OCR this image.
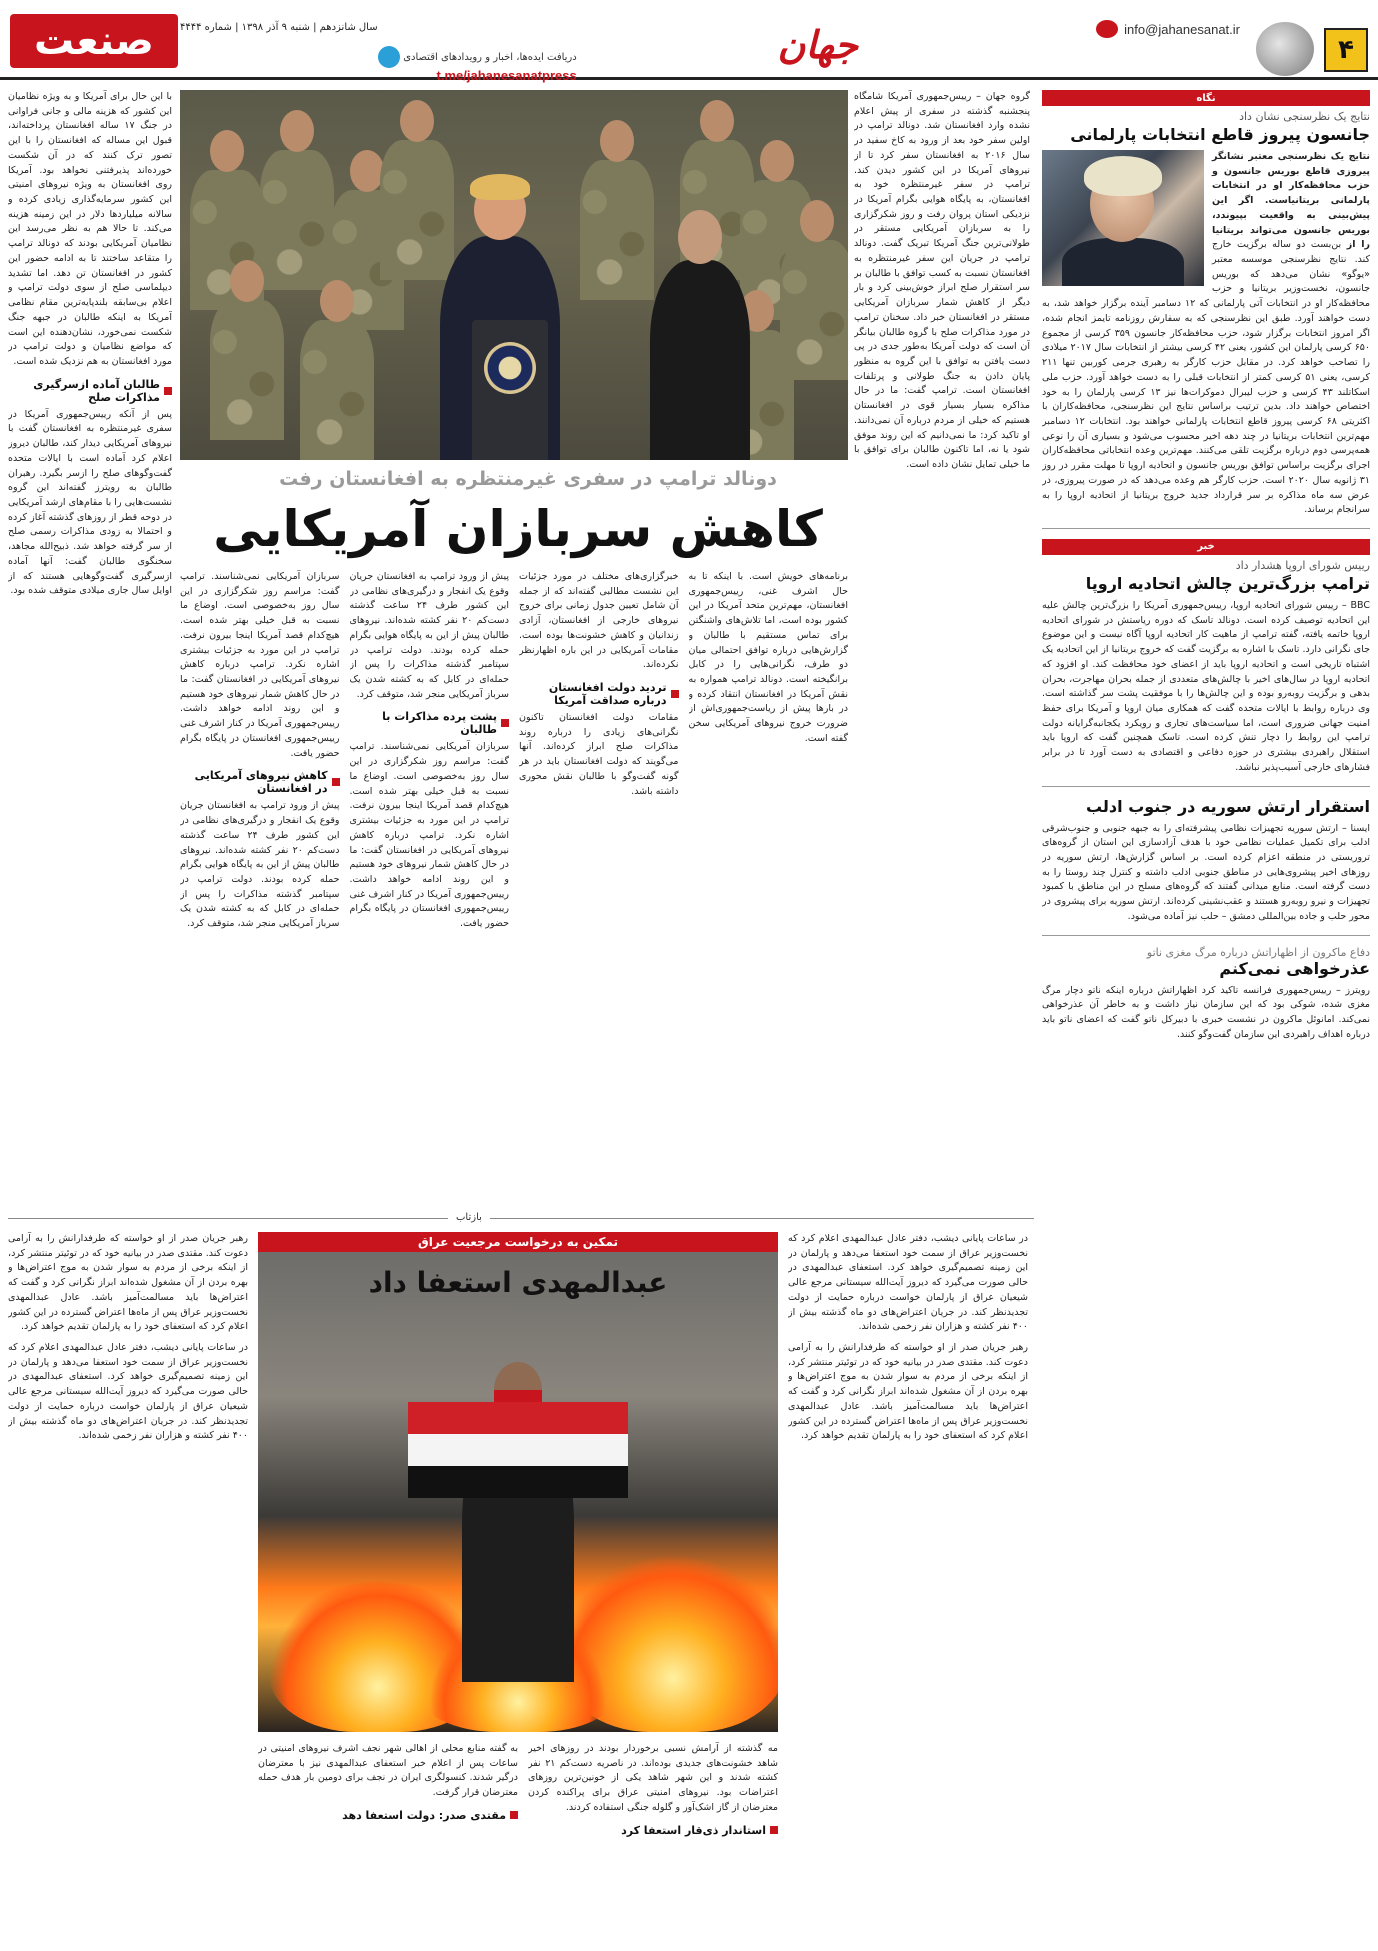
۴
info@jahanesanat.ir
جهان
دریافت ایده‌ها، اخبار و رویدادهای اقتصادی
t.me/jahanesanatpress
سال شانزدهم | شنبه ۹ آذر ۱۳۹۸ | شماره ۴۴۴۴
صنعت
نگاه
نتایج یک نظرسنجی نشان داد
جانسون پیروز قاطع انتخابات پارلمانی
نتایج یک نظرسنجی معتبر نشانگر پیروزی قاطع بوریس جانسون و حزب محافظه‌کار او در انتخابات پارلمانی بریتانیاست. اگر این پیش‌بینی به واقعیت بپیوندد، بوریس جانسون می‌تواند بریتانیا را از بن‌بست دو ساله برگزیت خارج کند. نتایج نظرسنجی موسسه معتبر «یوگو» نشان می‌دهد که بوریس جانسون، نخست‌وزیر بریتانیا و حزب محافظه‌کار او در انتخابات آتی پارلمانی که ۱۲ دسامبر آینده برگزار خواهد شد، به دست خواهند آورد. طبق این نظرسنجی که به سفارش روزنامه تایمز انجام شده، اگر امروز انتخابات برگزار شود، حزب محافظه‌کار جانسون ۳۵۹ کرسی از مجموع ۶۵۰ کرسی پارلمان این کشور، یعنی ۴۲ کرسی بیشتر از انتخابات سال ۲۰۱۷ میلادی را تصاحب خواهد کرد. در مقابل حزب کارگر به رهبری جرمی کوربین تنها ۲۱۱ کرسی، یعنی ۵۱ کرسی کمتر از انتخابات قبلی را به دست خواهد آورد. حزب ملی اسکاتلند ۴۳ کرسی و حزب لیبرال دموکرات‌ها نیز ۱۳ کرسی پارلمان را به خود اختصاص خواهند داد. بدین ترتیب براساس نتایج این نظرسنجی، محافظه‌کاران با اکثریتی ۶۸ کرسی پیروز قاطع انتخابات پارلمانی خواهند بود. انتخابات ۱۲ دسامبر مهم‌ترین انتخابات بریتانیا در چند دهه اخیر محسوب می‌شود و بسیاری آن را نوعی همه‌پرسی دوم درباره برگزیت تلقی می‌کنند. مهم‌ترین وعده انتخاباتی محافظه‌کاران اجرای برگزیت براساس توافق بوریس جانسون و اتحادیه اروپا تا مهلت مقرر در روز ۳۱ ژانویه سال ۲۰۲۰ است. حزب کارگر هم وعده می‌دهد که در صورت پیروزی، در عرض سه ماه مذاکره بر سر قرارداد جدید خروج بریتانیا از اتحادیه اروپا را به سرانجام برساند.
خبر
رییس شورای اروپا هشدار داد
ترامپ بزرگ‌ترین چالش اتحادیه اروپا
BBC – رییس شورای اتحادیه اروپا، رییس‌جمهوری آمریکا را بزرگ‌ترین چالش علیه این اتحادیه توصیف کرده است. دونالد تاسک که دوره ریاستش در شورای اتحادیه اروپا خاتمه یافته، گفته ترامپ از ماهیت کار اتحادیه اروپا آگاه نیست و این موضوع جای نگرانی دارد. تاسک با اشاره به برگزیت گفت که خروج بریتانیا از این اتحادیه یک اشتباه تاریخی است و اتحادیه اروپا باید از اعضای خود محافظت کند. او افزود که اتحادیه اروپا در سال‌های اخیر با چالش‌های متعددی از جمله بحران مهاجرت، بحران بدهی و برگزیت روبه‌رو بوده و این چالش‌ها را با موفقیت پشت سر گذاشته است. وی درباره روابط با ایالات متحده گفت که همکاری میان اروپا و آمریکا برای حفظ امنیت جهانی ضروری است، اما سیاست‌های تجاری و رویکرد یکجانبه‌گرایانه دولت ترامپ این روابط را دچار تنش کرده است. تاسک همچنین گفت که اروپا باید استقلال راهبردی بیشتری در حوزه دفاعی و اقتصادی به دست آورد تا در برابر فشارهای خارجی آسیب‌پذیر نباشد.
استقرار ارتش سوریه در جنوب ادلب
ایسنا – ارتش سوریه تجهیزات نظامی پیشرفته‌ای را به جبهه جنوبی و جنوب‌شرقی ادلب برای تکمیل عملیات نظامی خود با هدف آزادسازی این استان از گروه‌های تروریستی در منطقه اعزام کرده است. بر اساس گزارش‌ها، ارتش سوریه در روزهای اخیر پیشروی‌هایی در مناطق جنوبی ادلب داشته و کنترل چند روستا را به دست گرفته است. منابع میدانی گفتند که گروه‌های مسلح در این مناطق با کمبود تجهیزات و نیرو روبه‌رو هستند و عقب‌نشینی کرده‌اند. ارتش سوریه برای پیشروی در محور حلب و جاده بین‌المللی دمشق – حلب نیز آماده می‌شود.
دفاع ماکرون از اظهاراتش درباره مرگ مغزی ناتو
عذرخواهی نمی‌کنم
رویترز – رییس‌جمهوری فرانسه تاکید کرد اظهاراتش درباره اینکه ناتو دچار مرگ مغزی شده، شوکی بود که این سازمان نیاز داشت و به خاطر آن عذرخواهی نمی‌کند. امانوئل ماکرون در نشست خبری با دبیرکل ناتو گفت که اعضای ناتو باید درباره اهداف راهبردی این سازمان گفت‌وگو کنند.
گروه جهان – رییس‌جمهوری آمریکا شامگاه پنجشنبه گذشته در سفری از پیش اعلام نشده وارد افغانستان شد. دونالد ترامپ در اولین سفر خود بعد از ورود به کاخ سفید در سال ۲۰۱۶ به افغانستان سفر کرد تا از نیروهای آمریکا در این کشور دیدن کند. ترامپ در سفر غیرمنتظره خود به افغانستان، به پایگاه هوایی بگرام آمریکا در نزدیکی استان پروان رفت و روز شکرگزاری را به سربازان آمریکایی مستقر در طولانی‌ترین جنگ آمریکا تبریک گفت. دونالد ترامپ در جریان این سفر غیرمنتظره به افغانستان نسبت به کسب توافق با طالبان بر سر استقرار صلح ابراز خوش‌بینی کرد و بار دیگر از کاهش شمار سربازان آمریکایی مستقر در افغانستان خبر داد. سخنان ترامپ در مورد مذاکرات صلح با گروه طالبان بیانگر آن است که دولت آمریکا به‌طور جدی در پی دست یافتن به توافق با این گروه به منظور پایان دادن به جنگ طولانی و پرتلفات افغانستان است. ترامپ گفت: ما در حال مذاکره بسیار بسیار قوی در افغانستان هستیم که خیلی از مردم درباره آن نمی‌دانند. او تاکید کرد: ما نمی‌دانیم که این روند موفق شود یا نه، اما تاکنون طالبان برای توافق با ما خیلی تمایل نشان داده است.
دونالد ترامپ در سفری غیرمنتظره به افغانستان رفت
کاهش سربازان آمریکایی
با این حال برای آمریکا و به ویژه نظامیان این کشور که هزینه مالی و جانی فراوانی در جنگ ۱۷ ساله افغانستان پرداخته‌اند، قبول این مساله که افغانستان را با این تصور ترک کنند که در آن شکست خورده‌اند پذیرفتنی نخواهد بود. آمریکا روی افغانستان به ویژه نیروهای امنیتی این کشور سرمایه‌گذاری زیادی کرده و سالانه میلیاردها دلار در این زمینه هزینه می‌کند. تا حالا هم به نظر می‌رسد این نظامیان آمریکایی بودند که دونالد ترامپ را متقاعد ساختند تا به ادامه حضور این کشور در افغانستان تن دهد. اما تشدید دیپلماسی صلح از سوی دولت ترامپ و اعلام بی‌سابقه بلندپایه‌ترین مقام نظامی آمریکا به اینکه طالبان در جبهه جنگ شکست نمی‌خورد، نشان‌دهنده این است که مواضع نظامیان و دولت ترامپ در مورد افغانستان به هم نزدیک شده است.
طالبان آماده ازسرگیری مذاکرات صلح
پس از آنکه رییس‌جمهوری آمریکا در سفری غیرمنتظره به افغانستان گفت با نیروهای آمریکایی دیدار کند، طالبان دیروز اعلام کرد آماده است با ایالات متحده گفت‌وگوهای صلح را ازسر بگیرد. رهبران طالبان به رویترز گفته‌اند این گروه نشست‌هایی را با مقام‌های ارشد آمریکایی در دوحه قطر از روزهای گذشته آغاز کرده و احتمالا به زودی مذاکرات رسمی صلح از سر گرفته خواهد شد. ذبیح‌الله مجاهد، سخنگوی طالبان گفت: آنها آماده ازسرگیری گفت‌وگوهایی هستند که از اوایل سال جاری میلادی متوقف شده بود.
سربازان آمریکایی نمی‌شناسند. ترامپ گفت: مراسم روز شکرگزاری در این سال روز به‌خصوصی است. اوضاع ما نسبت به قبل خیلی بهتر شده است. هیچ‌کدام قصد آمریکا اینجا بیرون نرفت. ترامپ در این مورد به جزئیات بیشتری اشاره نکرد. ترامپ درباره کاهش نیروهای آمریکایی در افغانستان گفت: ما در حال کاهش شمار نیروهای خود هستیم و این روند ادامه خواهد داشت. رییس‌جمهوری آمریکا در کنار اشرف غنی رییس‌جمهوری افغانستان در پایگاه بگرام حضور یافت.
کاهش نیروهای آمریکایی در افغانستان
پیش از ورود ترامپ به افغانستان جریان وقوع یک انفجار و درگیری‌های نظامی در این کشور طرف ۲۴ ساعت گذشته دست‌کم ۲۰ نفر کشته شده‌اند. نیروهای طالبان پیش از این به پایگاه هوایی بگرام حمله کرده بودند. دولت ترامپ در سپتامبر گذشته مذاکرات را پس از حمله‌ای در کابل که به کشته شدن یک سرباز آمریکایی منجر شد، متوقف کرد.
پیش از ورود ترامپ به افغانستان جریان وقوع یک انفجار و درگیری‌های نظامی در این کشور طرف ۲۴ ساعت گذشته دست‌کم ۲۰ نفر کشته شده‌اند. نیروهای طالبان پیش از این به پایگاه هوایی بگرام حمله کرده بودند. دولت ترامپ در سپتامبر گذشته مذاکرات را پس از حمله‌ای در کابل که به کشته شدن یک سرباز آمریکایی منجر شد، متوقف کرد.
پشت پرده مذاکرات با طالبان
سربازان آمریکایی نمی‌شناسند. ترامپ گفت: مراسم روز شکرگزاری در این سال روز به‌خصوصی است. اوضاع ما نسبت به قبل خیلی بهتر شده است. هیچ‌کدام قصد آمریکا اینجا بیرون نرفت. ترامپ در این مورد به جزئیات بیشتری اشاره نکرد. ترامپ درباره کاهش نیروهای آمریکایی در افغانستان گفت: ما در حال کاهش شمار نیروهای خود هستیم و این روند ادامه خواهد داشت. رییس‌جمهوری آمریکا در کنار اشرف غنی رییس‌جمهوری افغانستان در پایگاه بگرام حضور یافت.
خبرگزاری‌های مختلف در مورد جزئیات این نشست مطالبی گفته‌اند که از جمله آن شامل تعیین جدول زمانی برای خروج نیروهای خارجی از افغانستان، آزادی زندانیان و کاهش خشونت‌ها بوده است. مقامات آمریکایی در این باره اظهارنظر نکرده‌اند.
تردید دولت افغانستان درباره صداقت آمریکا
مقامات دولت افغانستان تاکنون نگرانی‌های زیادی را درباره روند مذاکرات صلح ابراز کرده‌اند. آنها می‌گویند که دولت افغانستان باید در هر گونه گفت‌وگو با طالبان نقش محوری داشته باشد.
برنامه‌های خویش است. با اینکه تا به حال اشرف غنی، رییس‌جمهوری افغانستان، مهم‌ترین متحد آمریکا در این کشور بوده است، اما تلاش‌های واشنگتن برای تماس مستقیم با طالبان و گزارش‌هایی درباره توافق احتمالی میان دو طرف، نگرانی‌هایی را در کابل برانگیخته است. دونالد ترامپ همواره به نقش آمریکا در افغانستان انتقاد کرده و در بارها پیش از ریاست‌جمهوری‌اش از ضرورت خروج نیروهای آمریکایی سخن گفته است.
بازتاب
رهبر جریان صدر از او خواسته که طرفدارانش را به آرامی دعوت کند. مقتدی صدر در بیانیه خود که در توئیتر منتشر کرد، از اینکه برخی از مردم به سوار شدن به موج اعتراض‌ها و بهره بردن از آن مشغول شده‌اند ابراز نگرانی کرد و گفت که اعتراض‌ها باید مسالمت‌آمیز باشد. عادل عبدالمهدی نخست‌وزیر عراق پس از ماه‌ها اعتراض گسترده در این کشور اعلام کرد که استعفای خود را به پارلمان تقدیم خواهد کرد.
در ساعات پایانی دیشب، دفتر عادل عبدالمهدی اعلام کرد که نخست‌وزیر عراق از سمت خود استعفا می‌دهد و پارلمان در این زمینه تصمیم‌گیری خواهد کرد. استعفای عبدالمهدی در حالی صورت می‌گیرد که دیروز آیت‌الله سیستانی مرجع عالی شیعیان عراق از پارلمان خواست درباره حمایت از دولت تجدیدنظر کند. در جریان اعتراض‌های دو ماه گذشته بیش از ۴۰۰ نفر کشته و هزاران نفر زخمی شده‌اند.
تمکین به درخواست مرجعیت عراق
عبدالمهدی استعفا داد
در ساعات پایانی دیشب، دفتر عادل عبدالمهدی اعلام کرد که نخست‌وزیر عراق از سمت خود استعفا می‌دهد و پارلمان در این زمینه تصمیم‌گیری خواهد کرد. استعفای عبدالمهدی در حالی صورت می‌گیرد که دیروز آیت‌الله سیستانی مرجع عالی شیعیان عراق از پارلمان خواست درباره حمایت از دولت تجدیدنظر کند. در جریان اعتراض‌های دو ماه گذشته بیش از ۴۰۰ نفر کشته و هزاران نفر زخمی شده‌اند.
رهبر جریان صدر از او خواسته که طرفدارانش را به آرامی دعوت کند. مقتدی صدر در بیانیه خود که در توئیتر منتشر کرد، از اینکه برخی از مردم به سوار شدن به موج اعتراض‌ها و بهره بردن از آن مشغول شده‌اند ابراز نگرانی کرد و گفت که اعتراض‌ها باید مسالمت‌آمیز باشد. عادل عبدالمهدی نخست‌وزیر عراق پس از ماه‌ها اعتراض گسترده در این کشور اعلام کرد که استعفای خود را به پارلمان تقدیم خواهد کرد.
مه گذشته از آرامش نسبی برخوردار بودند در روزهای اخیر شاهد خشونت‌های جدیدی بوده‌اند. در ناصریه دست‌کم ۲۱ نفر کشته شدند و این شهر شاهد یکی از خونین‌ترین روزهای اعتراضات بود. نیروهای امنیتی عراق برای پراکنده کردن معترضان از گاز اشک‌آور و گلوله جنگی استفاده کردند.
استاندار ذی‌قار استعفا کرد
به گفته منابع محلی از اهالی شهر نجف اشرف نیروهای امنیتی در ساعات پس از اعلام خبر استعفای عبدالمهدی نیز با معترضان درگیر شدند. کنسولگری ایران در نجف برای دومین بار هدف حمله معترضان قرار گرفت.
مقتدی صدر: دولت استعفا دهد
